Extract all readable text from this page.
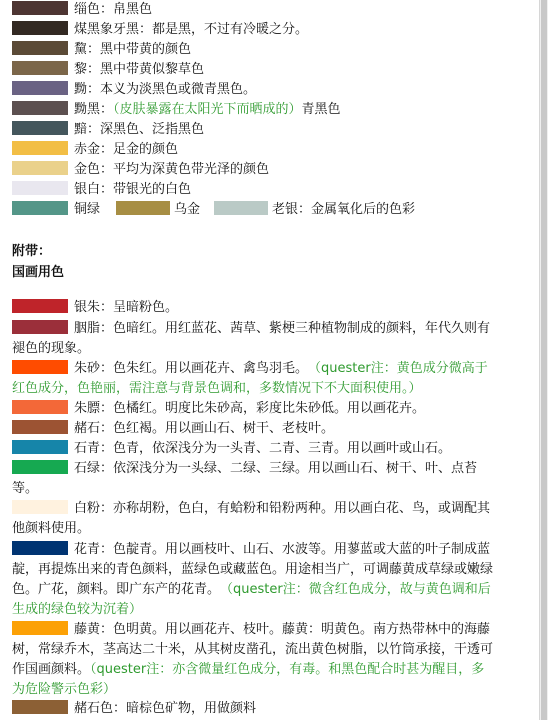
缁色：帛黑色
煤黑象牙黑：都是黑，不过有冷暖之分。
黧：黑中带黄的颜色
黎：黑中带黄似黎草色
黝：本义为淡黑色或微青黑色。
黝黑：（皮肤暴露在太阳光下而晒成的）青黑色
黯：深黑色、泛指黑色
赤金：足金的颜色
金色：平均为深黄色带光泽的颜色
银白：带银光的白色
铜绿	乌金	老银：金属氧化后的色彩
附带：
国画用色
银朱：呈暗粉色。
胭脂：色暗红。用红蓝花、茜草、紫梗三种植物制成的颜料，年代久则有
褪色的现象。
朱砂：色朱红。用以画花卉、禽鸟羽毛。　（quester注：黄色成分微高于
红色成分，色艳丽，需注意与背景色调和，多数情况下不大面积使用。）
朱膘：色橘红。明度比朱砂高，彩度比朱砂低。用以画花卉。
赭石：色红褐。用以画山石、树干、老枝叶。
石青：色青，依深浅分为一头青、二青、三青。用以画叶或山石。
石绿：依深浅分为一头绿、二绿、三绿。用以画山石、树干、叶、点苔
等。
白粉：亦称胡粉，色白，有蛤粉和铅粉两种。用以画白花、鸟，或调配其
他颜料使用。
花青：色靛青。用以画枝叶、山石、水波等。用蓼蓝或大蓝的叶子制成蓝
靛，再提炼出来的青色颜料，蓝绿色或藏蓝色。用途相当广，可调藤黄成草绿或嫩绿
色。广花，颜料。即广东产的花青。　（quester注：微含红色成分，故与黄色调和后
生成的绿色较为沉着）
藤黄：色明黄。用以画花卉、枝叶。藤黄：明黄色。南方热带林中的海藤
树，常绿乔木，茎高达二十米，从其树皮凿孔，流出黄色树脂，以竹筒承接，干透可
作国画颜料。（quester注：亦含微量红色成分，有毒。和黑色配合时甚为醒目，多
为危险警示色彩）
赭石色：暗棕色矿物，用做颜料
